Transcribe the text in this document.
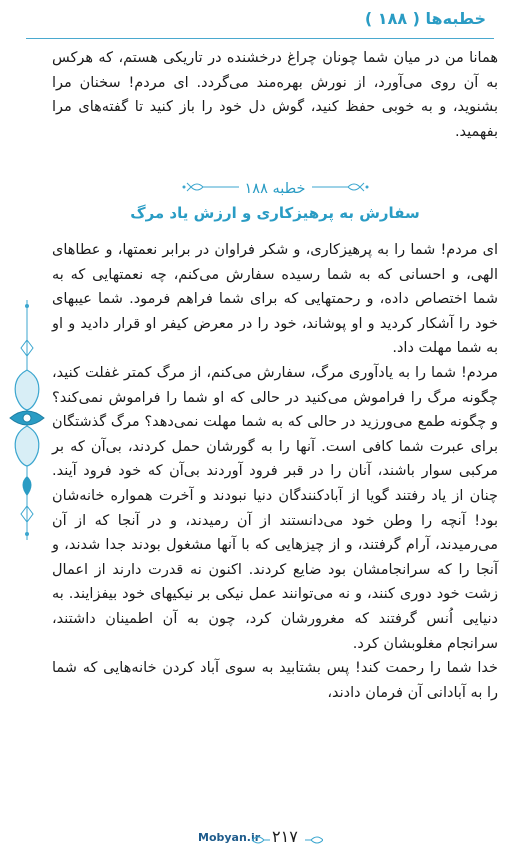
خطبه‌ها ( ۱۸۸ )

همانا من در میان شما چونان چراغ درخشنده در تاریکی هستم، که هرکس به آن روی می‌آورد، از نورش بهره‌مند می‌گردد. ای مردم! سخنان مرا بشنوید، و به خوبی حفظ کنید، گوش دل خود را باز کنید تا گفته‌های مرا بفهمید.

خطبه ۱۸۸
سفارش به پرهیزکاری و ارزش یاد مرگ

ای مردم! شما را به پرهیزکاری، و شکر فراوان در برابر نعمتها، و عطاهای الهی، و احسانی که به شما رسیده سفارش می‌کنم، چه نعمتهایی که به شما اختصاص داده، و رحمتهایی که برای شما فراهم فرمود. شما عیبهای خود را آشکار کردید و او پوشاند، خود را در معرض کیفر او قرار دادید و او به شما مهلت داد.

مردم! شما را به یادآوری مرگ، سفارش می‌کنم، از مرگ کمتر غفلت کنید، چگونه مرگ را فراموش می‌کنید در حالی که او شما را فراموش نمی‌کند؟ و چگونه طمع می‌ورزید در حالی که به شما مهلت نمی‌دهد؟ مرگ گذشتگان برای عبرت شما کافی است. آنها را به گورشان حمل کردند، بی‌آن که بر مرکبی سوار باشند، آنان را در قبر فرود آوردند بی‌آن که خود فرود آیند. چنان از یاد رفتند گویا از آبادکنندگان دنیا نبودند و آخرت همواره خانه‌شان بود! آنچه را وطن خود می‌دانستند از آن رمیدند، و در آنجا که از آن می‌رمیدند، آرام گرفتند، و از چیزهایی که با آنها مشغول بودند جدا شدند، و آنجا را که سرانجامشان بود ضایع کردند. اکنون نه قدرت دارند از اعمال زشت خود دوری کنند، و نه می‌توانند عمل نیکی بر نیکیهای خود بیفزایند. به دنیایی اُنس گرفتند که مغرورشان کرد، چون به آن اطمینان داشتند، سرانجام مغلوبشان کرد.

خدا شما را رحمت کند! پس بشتابید به سوی آباد کردن خانه‌هایی که شما را به آبادانی آن فرمان دادند،

Mobyan.ir ۲۱۷
